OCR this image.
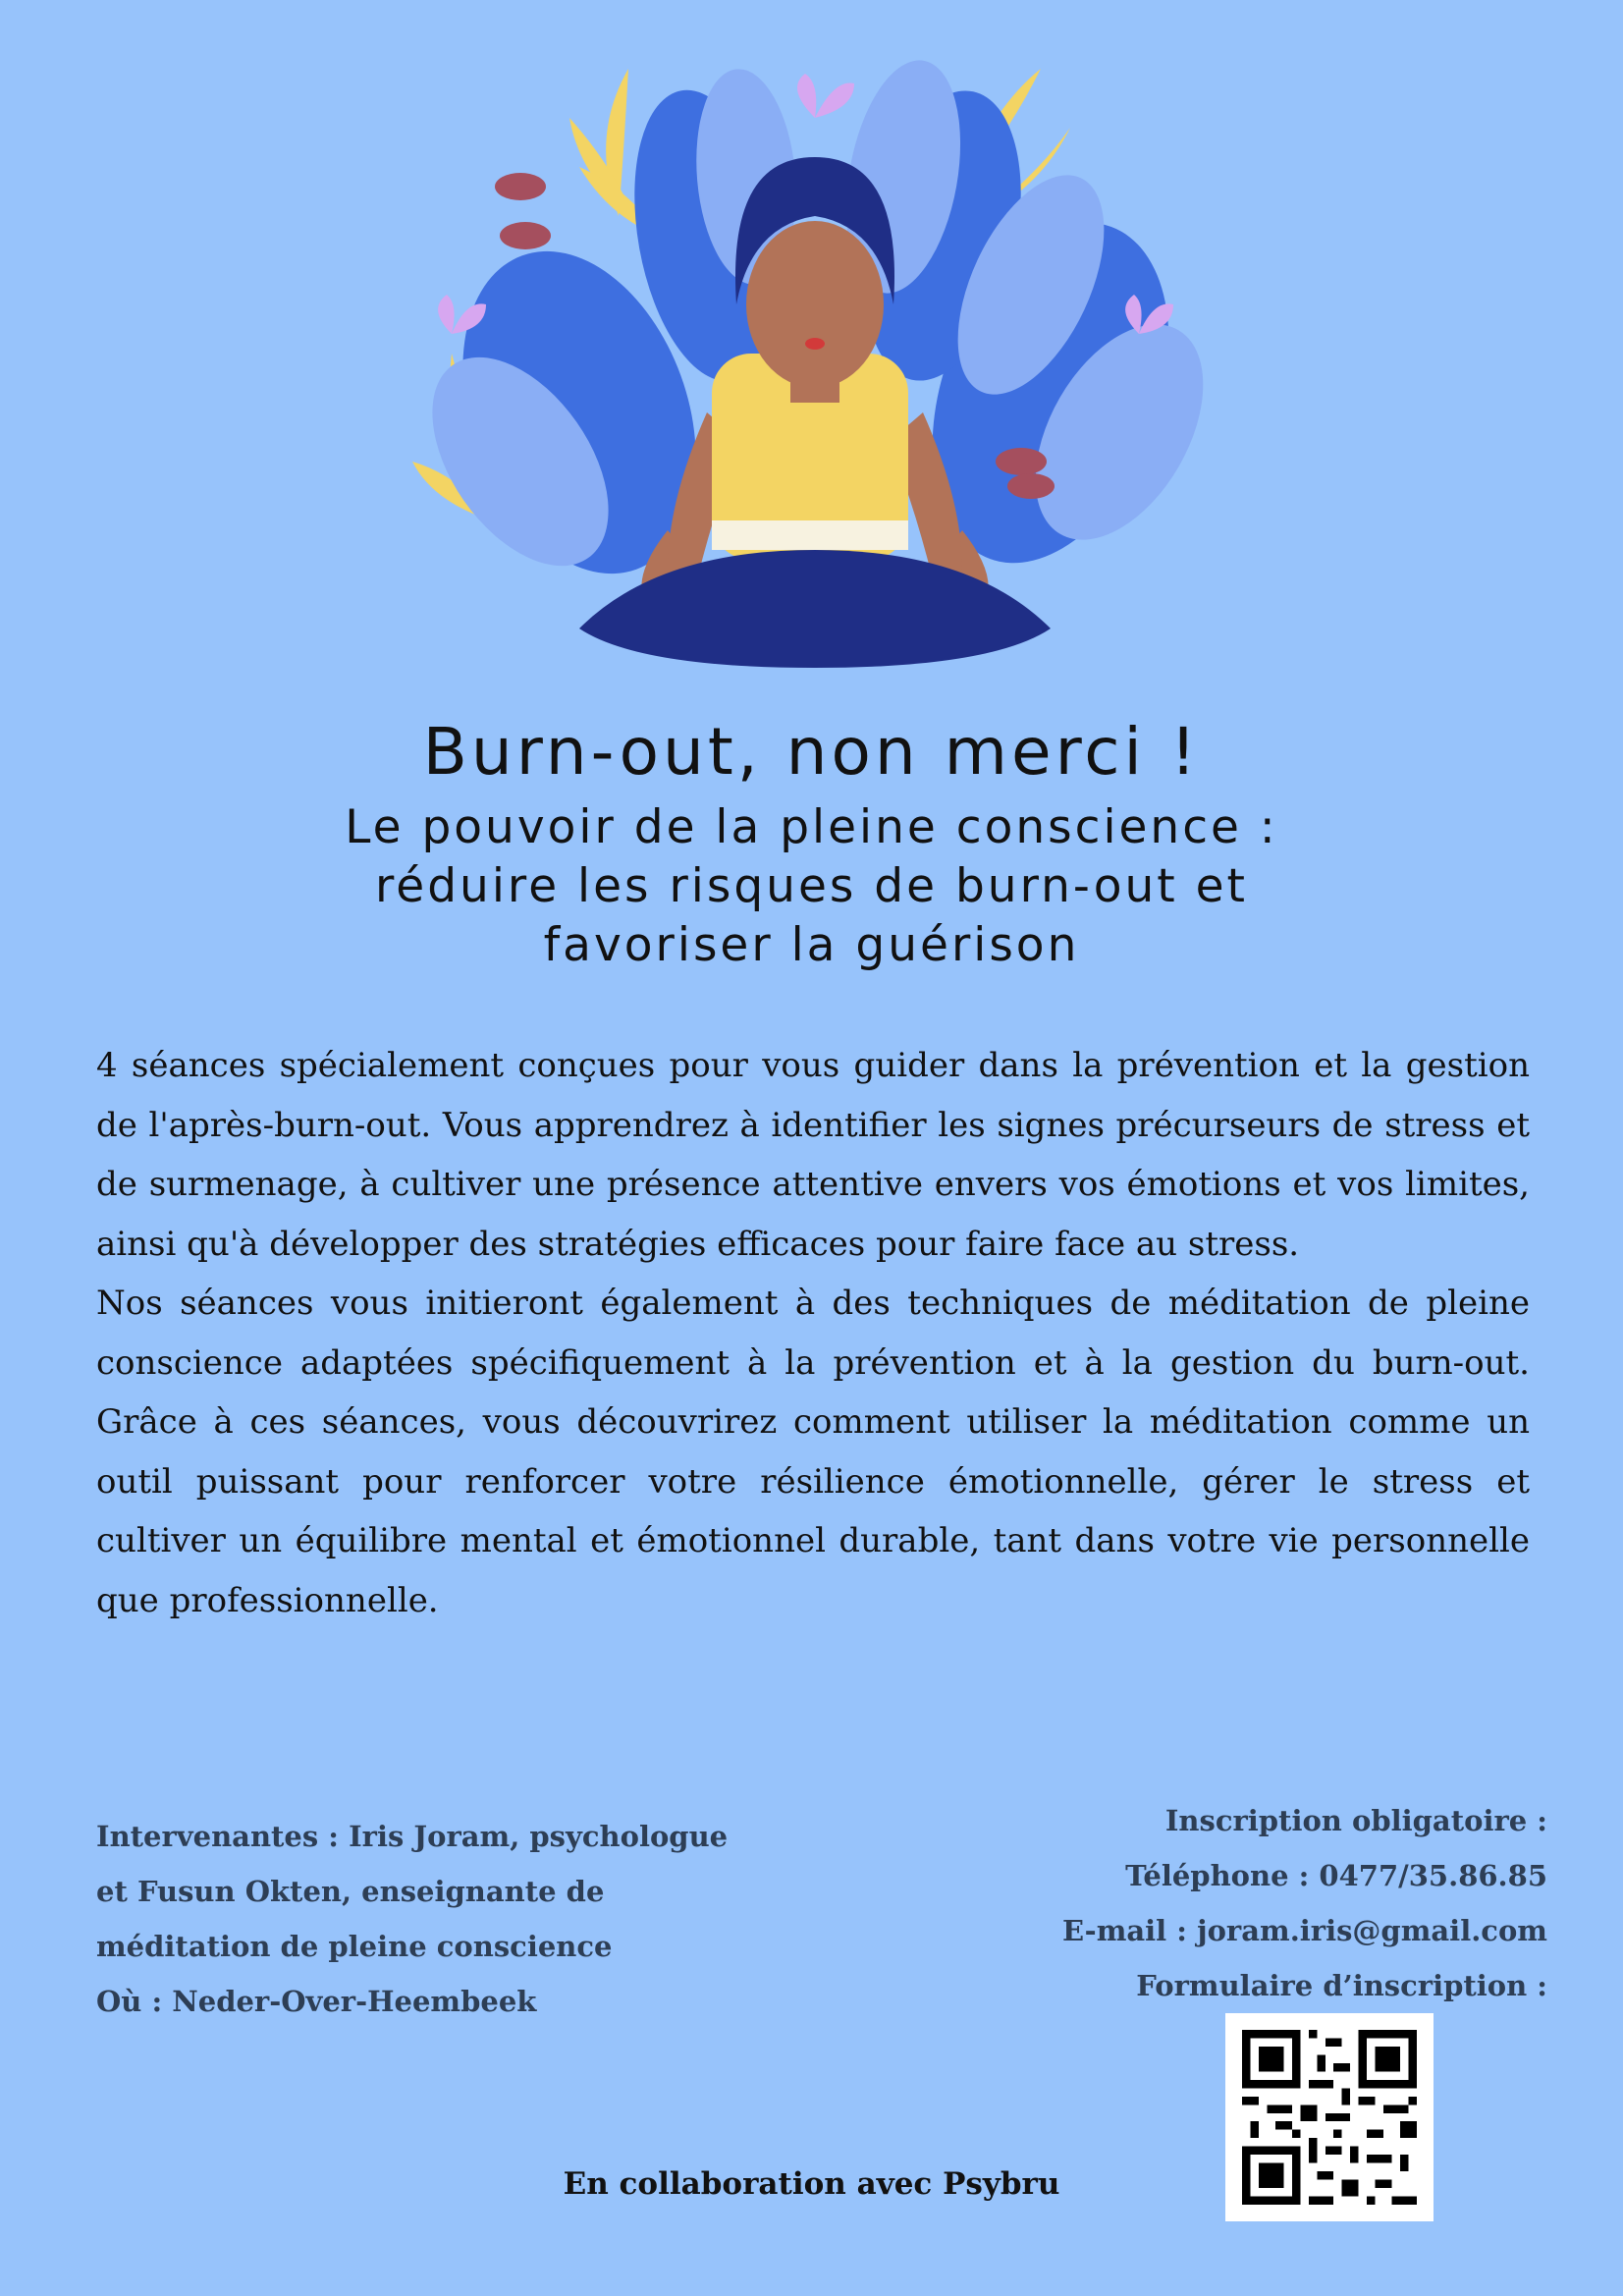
Burn-out, non merci !
Le pouvoir de la pleine conscience :
réduire les risques de burn-out et
favoriser la guérison

4 séances spécialement conçues pour vous guider dans la prévention et la gestion de l'après-burn-out. Vous apprendrez à identifier les signes précurseurs de stress et de surmenage, à cultiver une présence attentive envers vos émotions et vos limites, ainsi qu'à développer des stratégies efficaces pour faire face au stress.

Nos séances vous initieront également à des techniques de méditation de pleine conscience adaptées spécifiquement à la prévention et à la gestion du burn-out. Grâce à ces séances, vous découvrirez comment utiliser la méditation comme un outil puissant pour renforcer votre résilience émotionnelle, gérer le stress et cultiver un équilibre mental et émotionnel durable, tant dans votre vie personnelle que professionnelle.

Intervenantes : Iris Joram, psychologue
et Fusun Okten, enseignante de
méditation de pleine conscience
Où : Neder-Over-Heembeek
Inscription obligatoire :
Téléphone : 0477/35.86.85
E-mail : joram.iris@gmail.com
Formulaire d’inscription :
En collaboration avec Psybru
